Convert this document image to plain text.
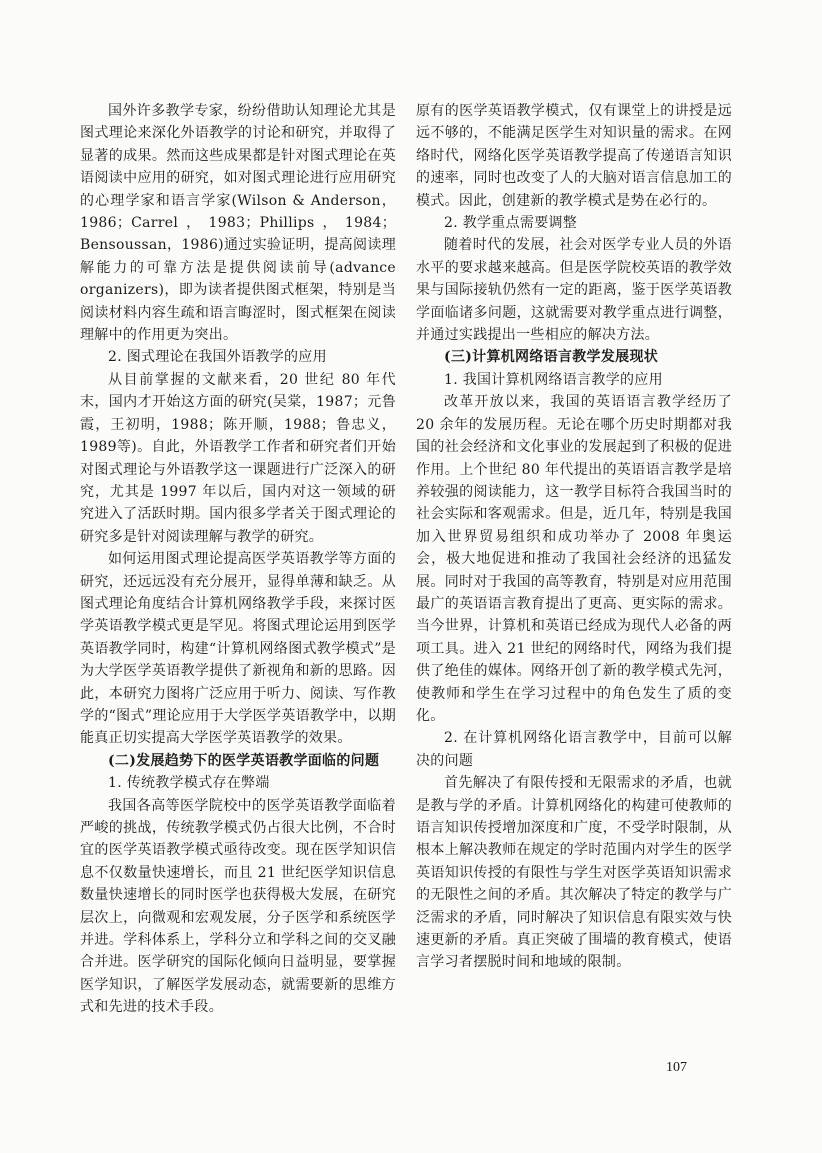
国外许多教学专家，纷纷借助认知理论尤其是图式理论来深化外语教学的讨论和研究，并取得了显著的成果。然而这些成果都是针对图式理论在英语阅读中应用的研究，如对图式理论进行应用研究的心理学家和语言学家(Wilson & Anderson，1986；Carrel，1983；Phillips，1984；Bensoussan，1986)通过实验证明，提高阅读理解能力的可靠方法是提供阅读前导(advance organizers)，即为读者提供图式框架，特别是当阅读材料内容生疏和语言晦涩时，图式框架在阅读理解中的作用更为突出。

2. 图式理论在我国外语教学的应用

从目前掌握的文献来看，20 世纪 80 年代末，国内才开始这方面的研究(吴棠，1987；元鲁霞，王初明，1988；陈开顺，1988；鲁忠义，1989等)。自此，外语教学工作者和研究者们开始对图式理论与外语教学这一课题进行广泛深入的研究，尤其是 1997 年以后，国内对这一领域的研究进入了活跃时期。国内很多学者关于图式理论的研究多是针对阅读理解与教学的研究。

如何运用图式理论提高医学英语教学等方面的研究，还远远没有充分展开，显得单薄和缺乏。从图式理论角度结合计算机网络教学手段，来探讨医学英语教学模式更是罕见。将图式理论运用到医学英语教学同时，构建“计算机网络图式教学模式”是为大学医学英语教学提供了新视角和新的思路。因此，本研究力图将广泛应用于听力、阅读、写作教学的“图式”理论应用于大学医学英语教学中，以期能真正切实提高大学医学英语教学的效果。

(二)发展趋势下的医学英语教学面临的问题

1. 传统教学模式存在弊端

我国各高等医学院校中的医学英语教学面临着严峻的挑战，传统教学模式仍占很大比例，不合时宜的医学英语教学模式亟待改变。现在医学知识信息不仅数量快速增长，而且 21 世纪医学知识信息数量快速增长的同时医学也获得极大发展，在研究层次上，向微观和宏观发展，分子医学和系统医学并进。学科体系上，学科分立和学科之间的交叉融合并进。医学研究的国际化倾向日益明显，要掌握医学知识，了解医学发展动态，就需要新的思维方式和先进的技术手段。

原有的医学英语教学模式，仅有课堂上的讲授是远远不够的，不能满足医学生对知识量的需求。在网络时代，网络化医学英语教学提高了传递语言知识的速率，同时也改变了人的大脑对语言信息加工的模式。因此，创建新的教学模式是势在必行的。

2. 教学重点需要调整

随着时代的发展，社会对医学专业人员的外语水平的要求越来越高。但是医学院校英语的教学效果与国际接轨仍然有一定的距离，鉴于医学英语教学面临诸多问题，这就需要对教学重点进行调整，并通过实践提出一些相应的解决方法。

(三)计算机网络语言教学发展现状

1. 我国计算机网络语言教学的应用

改革开放以来，我国的英语语言教学经历了 20 余年的发展历程。无论在哪个历史时期都对我国的社会经济和文化事业的发展起到了积极的促进作用。上个世纪 80 年代提出的英语语言教学是培养较强的阅读能力，这一教学目标符合我国当时的社会实际和客观需求。但是，近几年，特别是我国加入世界贸易组织和成功举办了 2008 年奥运会，极大地促进和推动了我国社会经济的迅猛发展。同时对于我国的高等教育，特别是对应用范围最广的英语语言教育提出了更高、更实际的需求。当今世界，计算机和英语已经成为现代人必备的两项工具。进入 21 世纪的网络时代，网络为我们提供了绝佳的媒体。网络开创了新的教学模式先河，使教师和学生在学习过程中的角色发生了质的变化。

2. 在计算机网络化语言教学中，目前可以解决的问题

首先解决了有限传授和无限需求的矛盾，也就是教与学的矛盾。计算机网络化的构建可使教师的语言知识传授增加深度和广度，不受学时限制，从根本上解决教师在规定的学时范围内对学生的医学英语知识传授的有限性与学生对医学英语知识需求的无限性之间的矛盾。其次解决了特定的教学与广泛需求的矛盾，同时解决了知识信息有限实效与快速更新的矛盾。真正突破了围墙的教育模式，使语言学习者摆脱时间和地域的限制。

107
